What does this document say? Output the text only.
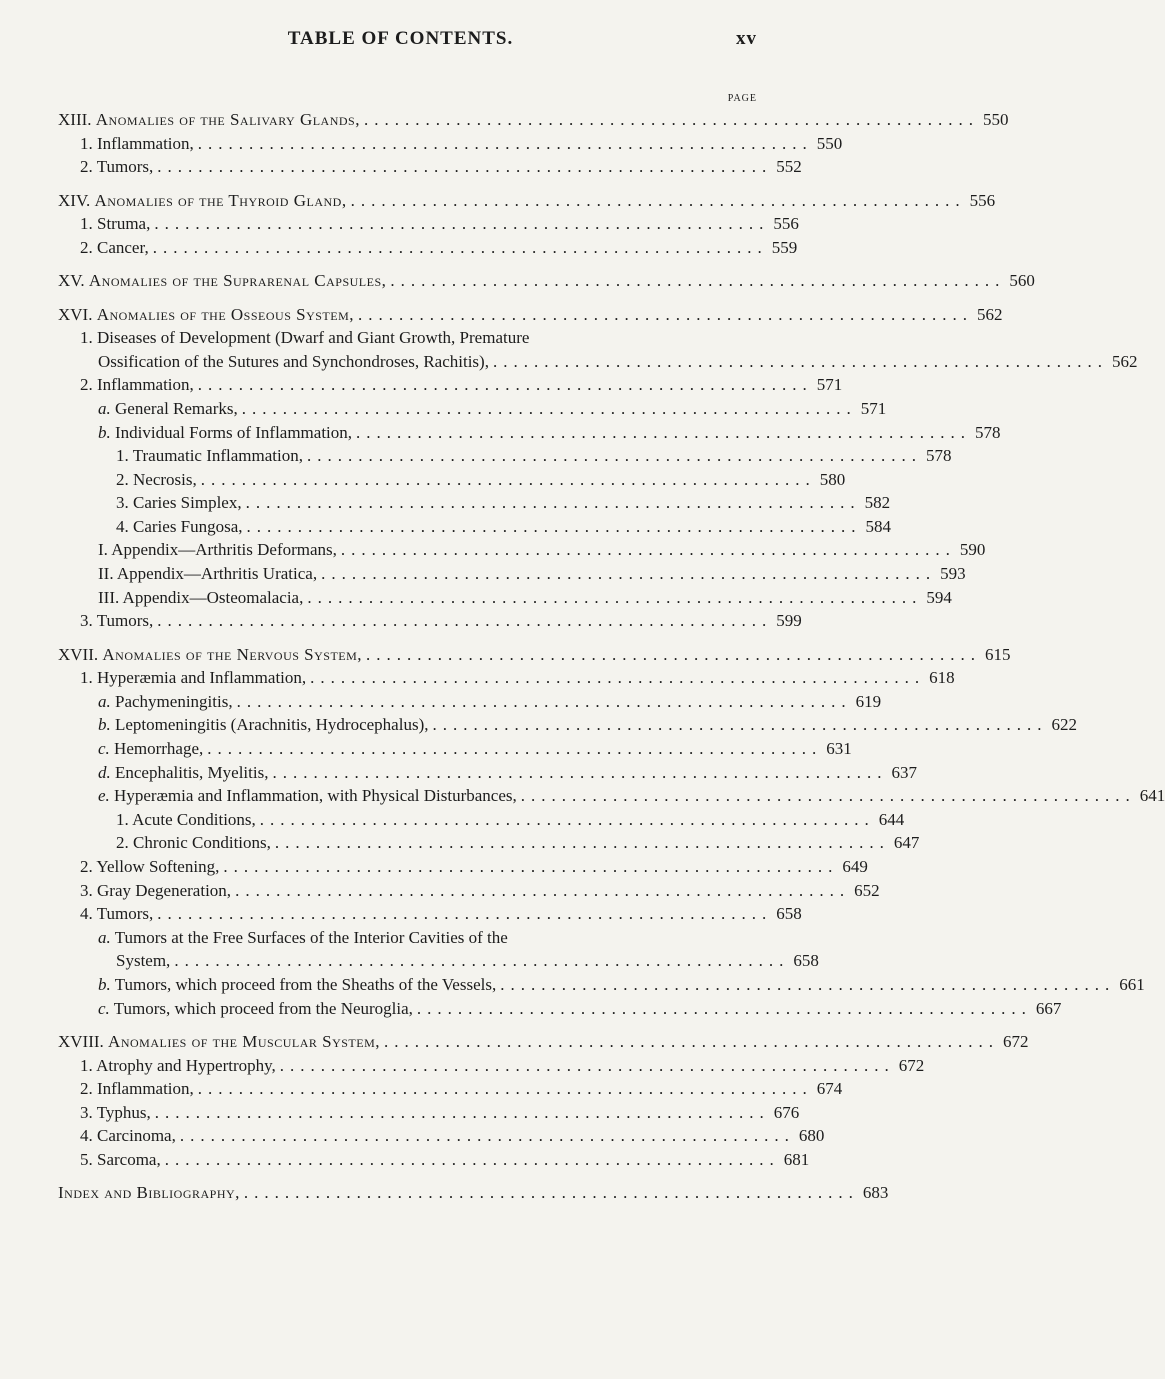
TABLE OF CONTENTS.	xv
PAGE
XIII. Anomalies of the Salivary Glands, ............................................................ 550
1. Inflammation, ............................................................ 550
2. Tumors, ............................................................ 552
XIV. Anomalies of the Thyroid Gland, ............................................................ 556
1. Struma, ............................................................ 556
2. Cancer, ............................................................ 559
XV. Anomalies of the Suprarenal Capsules, ............................................................ 560
XVI. Anomalies of the Osseous System, ............................................................ 562
1. Diseases of Development (Dwarf and Giant Growth, Premature
Ossification of the Sutures and Synchondroses, Rachitis), ............................................................ 562
2. Inflammation, ............................................................ 571
a. General Remarks, ............................................................ 571
b. Individual Forms of Inflammation, ............................................................ 578
1. Traumatic Inflammation, ............................................................ 578
2. Necrosis, ............................................................ 580
3. Caries Simplex, ............................................................ 582
4. Caries Fungosa, ............................................................ 584
I. Appendix—Arthritis Deformans, ............................................................ 590
II. Appendix—Arthritis Uratica, ............................................................ 593
III. Appendix—Osteomalacia, ............................................................ 594
3. Tumors, ............................................................ 599
XVII. Anomalies of the Nervous System, ............................................................ 615
1. Hyperæmia and Inflammation, ............................................................ 618
a. Pachymeningitis, ............................................................ 619
b. Leptomeningitis (Arachnitis, Hydrocephalus), ............................................................ 622
c. Hemorrhage, ............................................................ 631
d. Encephalitis, Myelitis, ............................................................ 637
e. Hyperæmia and Inflammation, with Physical Disturbances, ............................................................ 641
1. Acute Conditions, ............................................................ 644
2. Chronic Conditions, ............................................................ 647
2. Yellow Softening, ............................................................ 649
3. Gray Degeneration, ............................................................ 652
4. Tumors, ............................................................ 658
a. Tumors at the Free Surfaces of the Interior Cavities of the
System, ............................................................ 658
b. Tumors, which proceed from the Sheaths of the Vessels, ............................................................ 661
c. Tumors, which proceed from the Neuroglia, ............................................................ 667
XVIII. Anomalies of the Muscular System, ............................................................ 672
1. Atrophy and Hypertrophy, ............................................................ 672
2. Inflammation, ............................................................ 674
3. Typhus, ............................................................ 676
4. Carcinoma, ............................................................ 680
5. Sarcoma, ............................................................ 681
Index and Bibliography, ............................................................ 683
